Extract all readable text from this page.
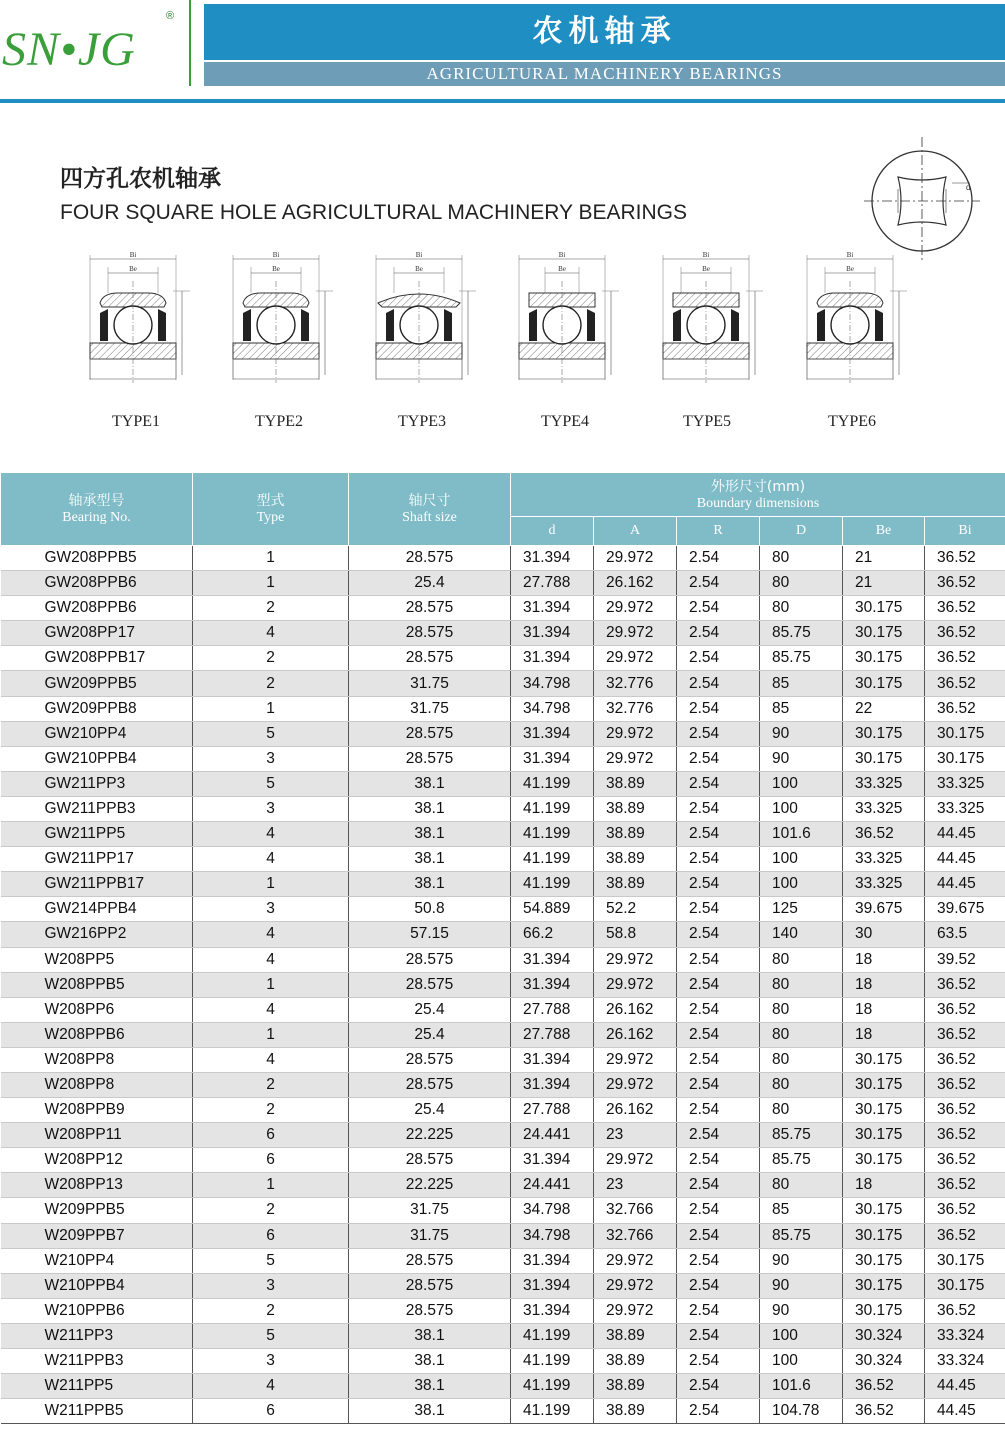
SN•JG
®	农机轴承
AGRICULTURAL MACHINERY BEARINGS
四方孔农机轴承
FOUR SQUARE HOLE AGRICULTURAL MACHINERY BEARINGS
d
Bi
Be
TYPE1
Bi
Be
TYPE2
Bi
Be
TYPE3
Bi
Be
TYPE4
Bi
Be
TYPE5
Bi
Be
TYPE6
轴承型号
Bearing No.	型式
Type	轴尺寸
Shaft size	外形尺寸(mm)
Boundary dimensions					

			d	A	R	D	Be	Bi
GW208PPB5	1	28.575	31.394	29.972	2.54	80	21	36.52
GW208PPB6	1	25.4	27.788	26.162	2.54	80	21	36.52
GW208PPB6	2	28.575	31.394	29.972	2.54	80	30.175	36.52
GW208PP17	4	28.575	31.394	29.972	2.54	85.75	30.175	36.52
GW208PPB17	2	28.575	31.394	29.972	2.54	85.75	30.175	36.52
GW209PPB5	2	31.75	34.798	32.776	2.54	85	30.175	36.52
GW209PPB8	1	31.75	34.798	32.776	2.54	85	22	36.52
GW210PP4	5	28.575	31.394	29.972	2.54	90	30.175	30.175
GW210PPB4	3	28.575	31.394	29.972	2.54	90	30.175	30.175
GW211PP3	5	38.1	41.199	38.89	2.54	100	33.325	33.325
GW211PPB3	3	38.1	41.199	38.89	2.54	100	33.325	33.325
GW211PP5	4	38.1	41.199	38.89	2.54	101.6	36.52	44.45
GW211PP17	4	38.1	41.199	38.89	2.54	100	33.325	44.45
GW211PPB17	1	38.1	41.199	38.89	2.54	100	33.325	44.45
GW214PPB4	3	50.8	54.889	52.2	2.54	125	39.675	39.675
GW216PP2	4	57.15	66.2	58.8	2.54	140	30	63.5
W208PP5	4	28.575	31.394	29.972	2.54	80	18	39.52
W208PPB5	1	28.575	31.394	29.972	2.54	80	18	36.52
W208PP6	4	25.4	27.788	26.162	2.54	80	18	36.52
W208PPB6	1	25.4	27.788	26.162	2.54	80	18	36.52
W208PP8	4	28.575	31.394	29.972	2.54	80	30.175	36.52
W208PP8	2	28.575	31.394	29.972	2.54	80	30.175	36.52
W208PPB9	2	25.4	27.788	26.162	2.54	80	30.175	36.52
W208PP11	6	22.225	24.441	23	2.54	85.75	30.175	36.52
W208PP12	6	28.575	31.394	29.972	2.54	85.75	30.175	36.52
W208PP13	1	22.225	24.441	23	2.54	80	18	36.52
W209PPB5	2	31.75	34.798	32.766	2.54	85	30.175	36.52
W209PPB7	6	31.75	34.798	32.766	2.54	85.75	30.175	36.52
W210PP4	5	28.575	31.394	29.972	2.54	90	30.175	30.175
W210PPB4	3	28.575	31.394	29.972	2.54	90	30.175	30.175
W210PPB6	2	28.575	31.394	29.972	2.54	90	30.175	36.52
W211PP3	5	38.1	41.199	38.89	2.54	100	30.324	33.324
W211PPB3	3	38.1	41.199	38.89	2.54	100	30.324	33.324
W211PP5	4	38.1	41.199	38.89	2.54	101.6	36.52	44.45
W211PPB5	6	38.1	41.199	38.89	2.54	104.78	36.52	44.45
